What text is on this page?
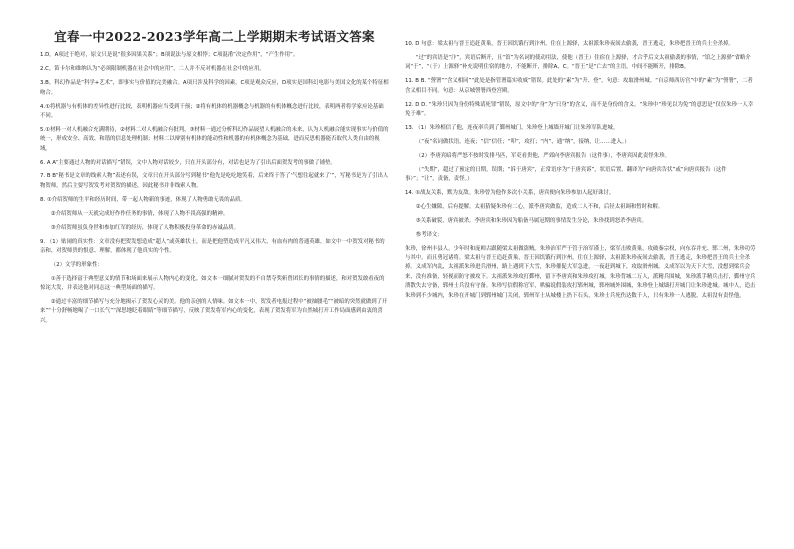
宜春一中2022-2023学年高二上学期期末考试语文答案

1.D。A项过于绝对，原文只是说“很多因果关系”；B项说法与原文相悖；C项混淆“决定作用”，“产生作用”。

2.C。笛卡尔和维纳认为“必须限制机器在社会中的应用”，二人并不反对机器在社会中的应用。

3.B。科幻作品是“科学+艺术”，即事实与价值的完美融合。A项只涉及科学的因素，C项是观众反应，D项实是国科幻电影与美国文化的某个特征相吻合。

4.①将机器与有机体的差异性进行比较，表明机器应当受到干预；②将有机体的机器概念与机器的有机体概念进行比较，表明两者将学家应论基础不同。

5.①材料一对人机融合充满期待，②材料二对人机融合有批判，③材料一通过分析科幻作品展望人机融合的未来，认为人机融合能实现事实与价值的统一，形成安全、高效、和谐的信息处理机制；材料二以辩别有机体的能动性和机器的有机体概念为基础，进而反思机器能否取代人类自由的视域。

6. A A“主要通过人物的对话描写”错误，文中人物对话较少，只在开头部分有，对话也是为了引出后面贺发考的事做了铺垫。

7. B B“秘书是文章的线索人物”表述有误，文章只在开头部分写到秘书“他先是吃吃地笑着，后来终于答了‘气想往起就来了’”，写秘书是为了引出人物贺师，然后主要写贺发考对贺贺的描述，因此秘书并非线索人物。

8. ①介绍贺师的生平和经历时间，带一起人物新的事迹，体现了人物勇敢无畏的品质。

②介绍贺师从一天就完成好作作任务的事情，体现了人物不畏高强的精神。

③介绍贺师虽负身世和参加红军的经历，体现了人物积极投身革命的赤诚品质。

9. （1）贴闹的真实性：文章没有把贺发想造成“超人”或英雄状士，而是把他塑造成平凡又伟大、有血有肉的普通英雄。如文中一中贺发对秘书的亲和、对贺师贵的恨意、理解，都体现了他真实的个性。

（2）文学的形象性：

①善于选择富于典型意义的情节和场面来展示人物内心的变化。如文本一细腻对贺发的不自禁夺奖斩曾团长的事情的描述，和对贺发敢看夜的惊诧大发，并表达他对同志这一典型场面的描写。

②通过丰富的细节描写与充分地揭示了贺发心灵的美。他的亲创的人情味。如文本一中，贺发者电报过程中“被抽腰毛”“被暗的突然就做到了开来”“十分舒畅地喝了一口长气”“深思地眨着眼睛”等细节描写，反映了贺发将军内心的变化，表现了贺发将军为自然城打开工作局面感到由衷的喜兴。

10. D 句意：梁太祖与晋王追赶黄巢，晋王因饥饿行到汴州，住在上源驿，太祖派朱珍夜间去偷袭，晋王逃走，朱珍把晋王的兵士全杀掉。

“过”的宾语是“汴”，宾语后断开，且“馆”为名词的使动用法，使他（晋王）住宿在上源驿，才合乎后文太祖偷袭的事情，“馆之上源驿”省略介词“于”，“（于）上源驿”补充说明住宿的地方，不能断开，排除A、C。“晋王”是“亡去”的主语，中间不能断开，排除B。

11. B B. “謍署”“含义相同”“此处是指管署篇实收威”错误。此处的“素”为“升、登”。句意：攻取滑州城。“自京师西历宫”中的“素”为“謍署”，二者含义相目不同。句意：从京城謍署西登宫殿。

12. D D. “朱珍只因为身份特殊请死罪”错误，原文中的“身”为“只身”的含义，而不是身份的含义。“朱珍中“珍见以为免”的意思是“仅仅朱珍一人幸免于难”。

13. （1）朱珍相信了他，连夜率兵到了鄞州城门，朱珍登上城墙开城门让朱珍军队进城。

（“夜”名词做状语，连夜；“信”信任；“叩”，攻打；“内”，通“纳”，接纳，让……进入。）

（2）李唐宾暗将严怒不按时发排马匹，军吏看贵他，严郊向李唐宾报告（这件事），李唐宾因此责怪朱珍。

（“失期”，超过了预定的日期，误期；“诉于唐宾”，正常语序为“于唐宾诉”，状语后置，翻译为“向唐宾告状”或“向唐宾报告（这件事）”；“让”，责备，责怪。）

14. ①战友关系，默为友敌。朱珍曾为他作多次小关系，唐宾便向朱珍参加人起好诛讨。

②心生嫌隙，后有提解。太祖猜疑朱珍有二心，派李唐宾做监，造成二人不和，后径太祖调和暂时和解。

③关系破裂，唐宾被杀。李唐宾和朱珍因为船备马属冠期的事情发生分论，朱珍找到怒杀李唐宾。

参考译文：

朱珍，徐州丰县人。少年时和庞师古跟随梁太祖做盗贼。朱珍治军严于管于治军谨上，梁军击败黄巢，攻破秦宗权，向东吞并充、郓二州，朱珍功劳与其中，而且勇冠诸将。梁太祖与晋王追赶黄巢，晋王因饥饿行到汴州，住在上源驿，太祖派朱珍夜间去偷袭，晋王逃走，朱珍把晋王的兵士全杀掉。义成军内乱，太祖派朱珍进兵滑州，路上遇到下大雪，朱珍催促大军急进，一夜赶到城下，攻取滑州城。义成军以为天下大雪，没想到梁兵会来，没有准备，轻视而防守被攻下。太祖派朱珍攻打鄞州，留下李唐宾和朱珍攻打城。朱珍背城二万人，派精兵围城，朱珍派手精兵击打，鄞州守兵溃散失去守备，郓州士兵没有守备。朱珍写信假称官军，哄骗说假装攻打郓州城，郓州城外围城，朱珍登上城墙打开城门让朱珍进城。城中人，追击朱珍到不少城内，朱珍在开城门到郓州城门关闭，郓州军士从城楼上扔下石头，朱珍士兵死伤达数千人，只有朱珍一人逃脱，太祖没有责怪他。
